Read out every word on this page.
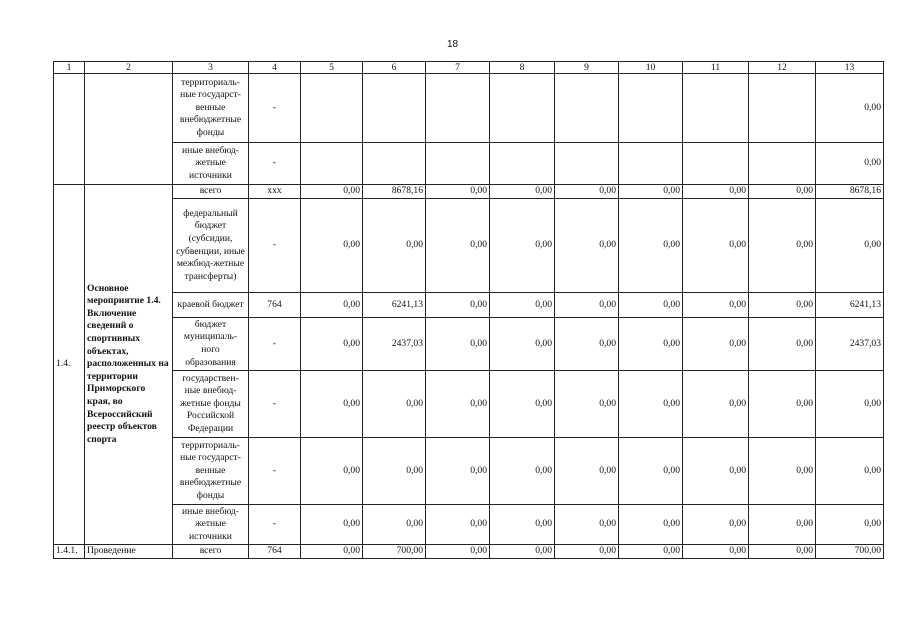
18
1	2	3	4	5	6	7	8	9	10	11	12	13
		территориаль-ные государст-венные внебюджетные фонды	-									0,00
		иные внебюд-жетные источники	-									0,00
1.4.	Основное мероприятие 1.4. Включение сведений о спортивных объектах, расположенных на территории Приморского края, во Всероссийский реестр объектов спорта	всего	ххх	0,00	8678,16	0,00	0,00	0,00	0,00	0,00	0,00	8678,16
		федеральный бюджет (субсидии, субвенции, иные межбюд-жетные трансферты)	-	0,00	0,00	0,00	0,00	0,00	0,00	0,00	0,00	0,00
		краевой бюджет	764	0,00	6241,13	0,00	0,00	0,00	0,00	0,00	0,00	6241,13
		бюджет муниципаль-ного образования	-	0,00	2437,03	0,00	0,00	0,00	0,00	0,00	0,00	2437,03
		государствен-ные внебюд-жетные фонды Российской Федерации	-	0,00	0,00	0,00	0,00	0,00	0,00	0,00	0,00	0,00
		территориаль-ные государст-венные внебюджетные фонды	-	0,00	0,00	0,00	0,00	0,00	0,00	0,00	0,00	0,00
		иные внебюд-жетные источники	-	0,00	0,00	0,00	0,00	0,00	0,00	0,00	0,00	0,00
1.4.1.	Проведение	всего	764	0,00	700,00	0,00	0,00	0,00	0,00	0,00	0,00	700,00
